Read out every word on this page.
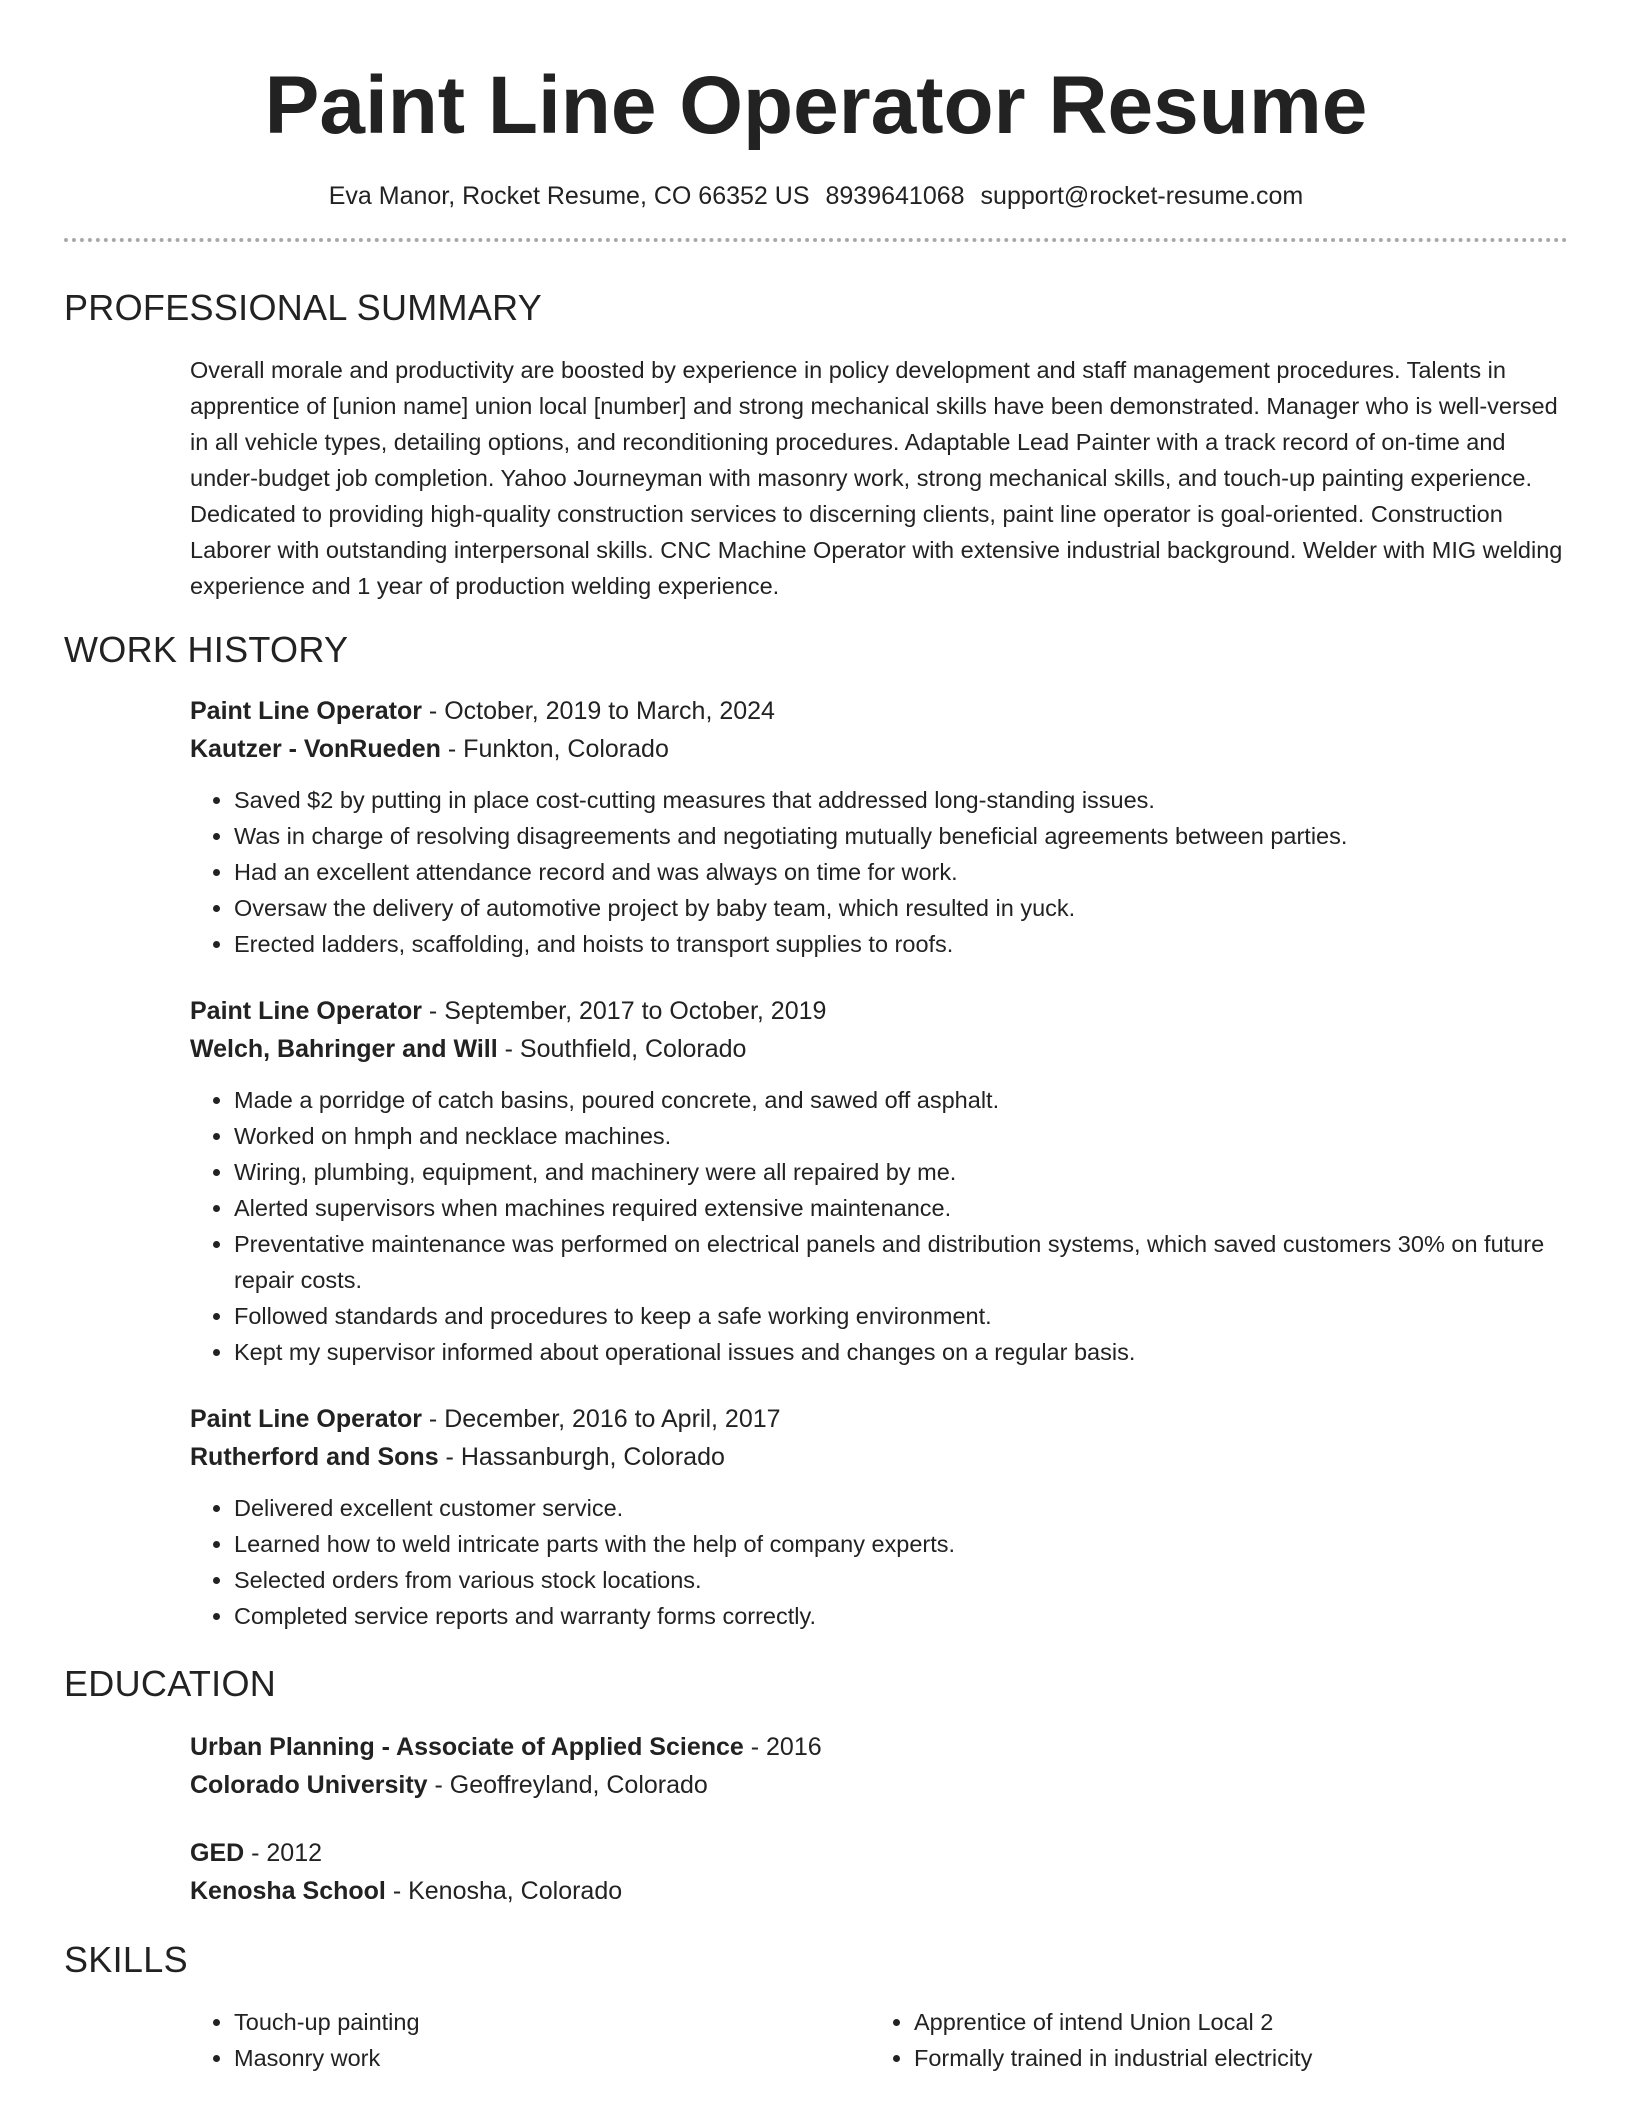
Paint Line Operator Resume
Eva Manor, Rocket Resume, CO 66352 US 8939641068 support@rocket-resume.com
PROFESSIONAL SUMMARY
Overall morale and productivity are boosted by experience in policy development and staff management procedures. Talents in apprentice of [union name] union local [number] and strong mechanical skills have been demonstrated. Manager who is well-versed in all vehicle types, detailing options, and reconditioning procedures. Adaptable Lead Painter with a track record of on-time and under-budget job completion. Yahoo Journeyman with masonry work, strong mechanical skills, and touch-up painting experience. Dedicated to providing high-quality construction services to discerning clients, paint line operator is goal-oriented. Construction Laborer with outstanding interpersonal skills. CNC Machine Operator with extensive industrial background. Welder with MIG welding experience and 1 year of production welding experience.
WORK HISTORY
Paint Line Operator - October, 2019 to March, 2024
Kautzer - VonRueden - Funkton, Colorado
• Saved $2 by putting in place cost-cutting measures that addressed long-standing issues.
• Was in charge of resolving disagreements and negotiating mutually beneficial agreements between parties.
• Had an excellent attendance record and was always on time for work.
• Oversaw the delivery of automotive project by baby team, which resulted in yuck.
• Erected ladders, scaffolding, and hoists to transport supplies to roofs.
Paint Line Operator - September, 2017 to October, 2019
Welch, Bahringer and Will - Southfield, Colorado
• Made a porridge of catch basins, poured concrete, and sawed off asphalt.
• Worked on hmph and necklace machines.
• Wiring, plumbing, equipment, and machinery were all repaired by me.
• Alerted supervisors when machines required extensive maintenance.
• Preventative maintenance was performed on electrical panels and distribution systems, which saved customers 30% on future repair costs.
• Followed standards and procedures to keep a safe working environment.
• Kept my supervisor informed about operational issues and changes on a regular basis.
Paint Line Operator - December, 2016 to April, 2017
Rutherford and Sons - Hassanburgh, Colorado
• Delivered excellent customer service.
• Learned how to weld intricate parts with the help of company experts.
• Selected orders from various stock locations.
• Completed service reports and warranty forms correctly.
EDUCATION
Urban Planning - Associate of Applied Science - 2016
Colorado University - Geoffreyland, Colorado
GED - 2012
Kenosha School - Kenosha, Colorado
SKILLS
• Touch-up painting
• Masonry work
• Apprentice of intend Union Local 2
• Formally trained in industrial electricity
